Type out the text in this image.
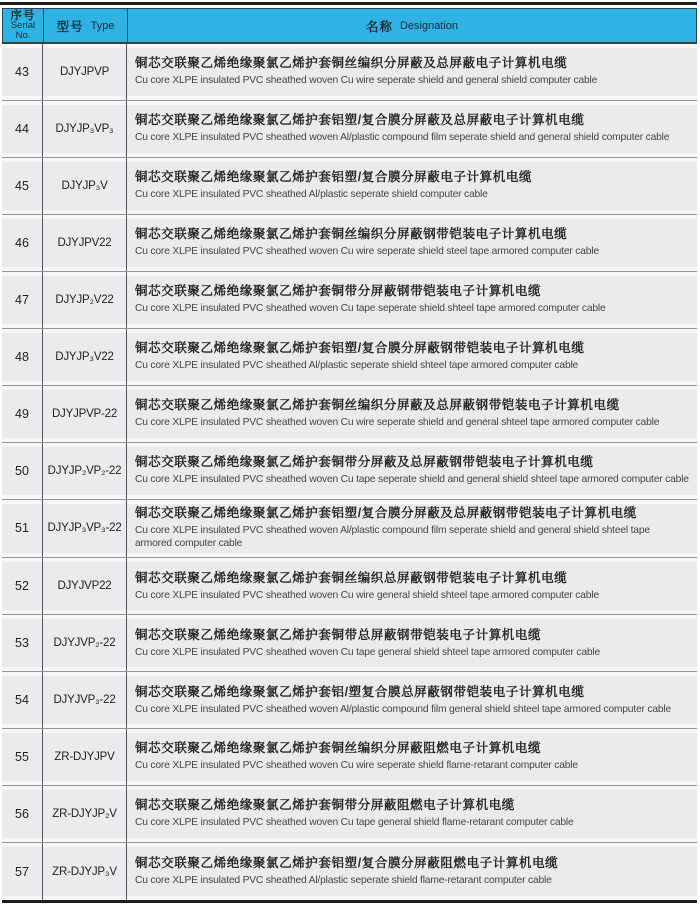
序号
Serial
No.
型号 Type	名称 Designation
43	DJYJPVP
铜芯交联聚乙烯绝缘聚氯乙烯护套铜丝编织分屏蔽及总屏蔽电子计算机电缆
Cu core XLPE insulated PVC sheathed woven Cu wire seperate shield and general shield computer cable
44	DJYJP₃VP₃
铜芯交联聚乙烯绝缘聚氯乙烯护套铝塑/复合膜分屏蔽及总屏蔽电子计算机电缆
Cu core XLPE insulated PVC sheathed woven Al/plastic compound film seperate shield and general shield computer cable
45	DJYJP₃V
铜芯交联聚乙烯绝缘聚氯乙烯护套铝塑/复合膜分屏蔽电子计算机电缆
Cu core XLPE insulated PVC sheathed Al/plastic seperate shield computer cable
46	DJYJPV22
铜芯交联聚乙烯绝缘聚氯乙烯护套铜丝编织分屏蔽钢带铠装电子计算机电缆
Cu core XLPE insulated PVC sheathed woven Cu wire seperate shield steel tape armored computer cable
47	DJYJP₂V22
铜芯交联聚乙烯绝缘聚氯乙烯护套铜带分屏蔽钢带铠装电子计算机电缆
Cu core XLPE insulated PVC sheathed woven Cu tape seperate shield shteel tape armored computer cable
48	DJYJP₃V22
铜芯交联聚乙烯绝缘聚氯乙烯护套铝塑/复合膜分屏蔽钢带铠装电子计算机电缆
Cu core XLPE insulated PVC sheathed Al/plastic seperate shield shteel tape armored computer cable
49	DJYJPVP-22
铜芯交联聚乙烯绝缘聚氯乙烯护套铜丝编织分屏蔽及总屏蔽钢带铠装电子计算机电缆
Cu core XLPE insulated PVC sheathed woven Cu wire seperate shield and general shteel tape armored computer cable
50	DJYJP₂VP₂-22
铜芯交联聚乙烯绝缘聚氯乙烯护套铜带分屏蔽及总屏蔽钢带铠装电子计算机电缆
Cu core XLPE insulated PVC sheathed woven Cu tape seperate shield and general shield shteel tape armored computer cable
51	DJYJP₃VP₃-22
铜芯交联聚乙烯绝缘聚氯乙烯护套铝塑/复合膜分屏蔽及总屏蔽钢带铠装电子计算机电缆
Cu core XLPE insulated PVC sheathed woven Al/plastic compound film seperate shield and general shield shteel tape armored computer cable
52	DJYJVP22
铜芯交联聚乙烯绝缘聚氯乙烯护套铜丝编织总屏蔽钢带铠装电子计算机电缆
Cu core XLPE insulated PVC sheathed woven Cu wire general shield shteel tape armored computer cable
53	DJYJVP₂-22
铜芯交联聚乙烯绝缘聚氯乙烯护套铜带总屏蔽钢带铠装电子计算机电缆
Cu core XLPE insulated PVC sheathed woven Cu tape general shield shteel tape armored computer cable
54	DJYJVP₃-22
铜芯交联聚乙烯绝缘聚氯乙烯护套铝/塑复合膜总屏蔽钢带铠装电子计算机电缆
Cu core XLPE insulated PVC sheathed woven Al/plastic compound film general shield shteel tape armored computer cable
55	ZR-DJYJPV
铜芯交联聚乙烯绝缘聚氯乙烯护套铜丝编织分屏蔽阻燃电子计算机电缆
Cu core XLPE insulated PVC sheathed woven Cu wire seperate shield flame-retarant computer cable
56	ZR-DJYJP₂V
铜芯交联聚乙烯绝缘聚氯乙烯护套铜带分屏蔽阻燃电子计算机电缆
Cu core XLPE insulated PVC sheathed woven Cu tape general shield flame-retarant computer cable
57	ZR-DJYJP₃V
铜芯交联聚乙烯绝缘聚氯乙烯护套铝塑/复合膜分屏蔽阻燃电子计算机电缆
Cu core XLPE insulated PVC sheathed Al/plastic seperate shield flame-retarant computer cable
